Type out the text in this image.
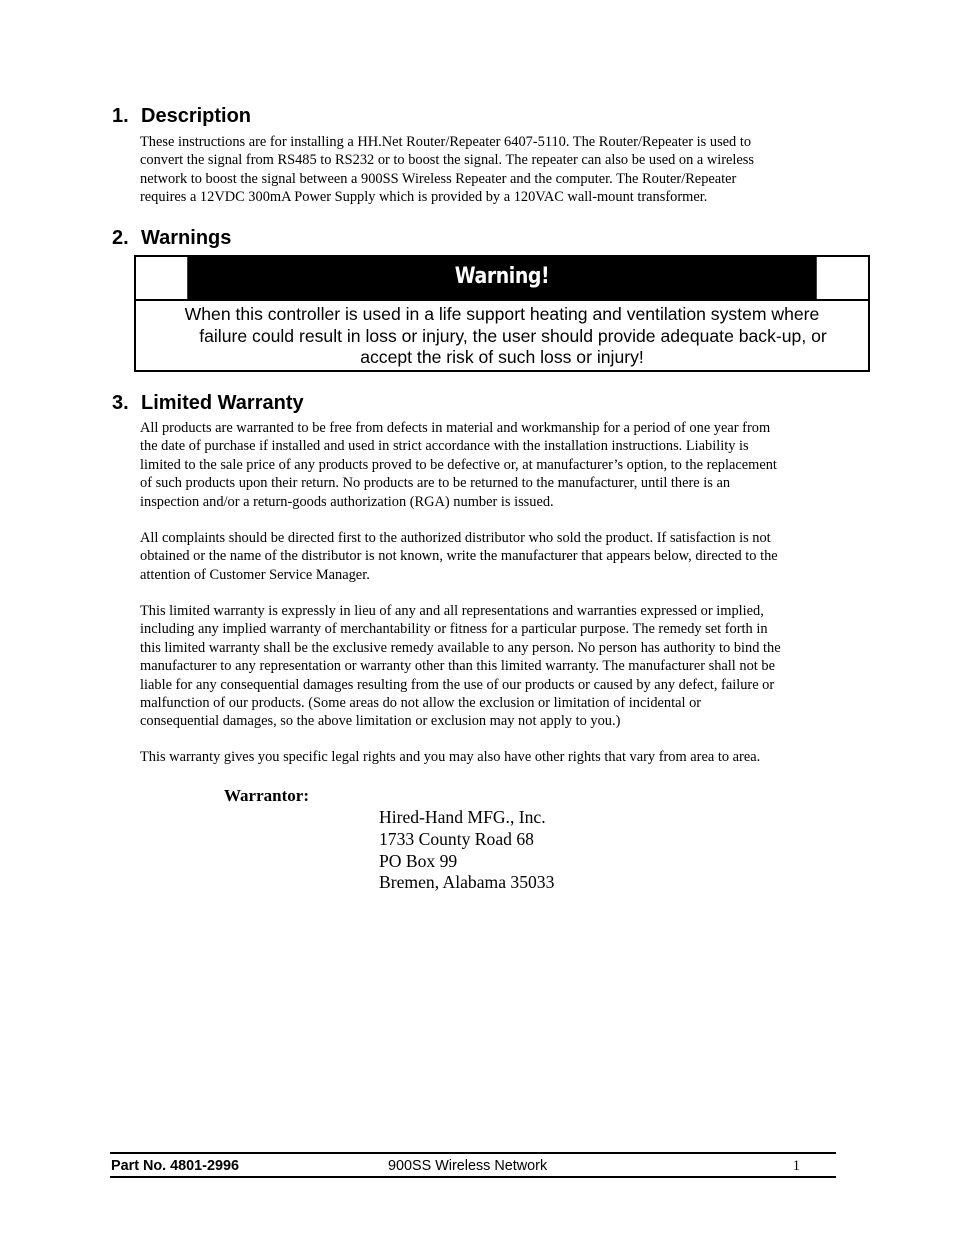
1. Description
These instructions are for installing a HH.Net Router/Repeater 6407-5110. The Router/Repeater is used to
convert the signal from RS485 to RS232 or to boost the signal. The repeater can also be used on a wireless
network to boost the signal between a 900SS Wireless Repeater and the computer. The Router/Repeater
requires a 12VDC 300mA Power Supply which is provided by a 120VAC wall-mount transformer.
2. Warnings
Warning!
When this controller is used in a life support heating and ventilation system where
failure could result in loss or injury, the user should provide adequate back-up, or
accept the risk of such loss or injury!
3. Limited Warranty
All products are warranted to be free from defects in material and workmanship for a period of one year from
the date of purchase if installed and used in strict accordance with the installation instructions. Liability is
limited to the sale price of any products proved to be defective or, at manufacturer’s option, to the replacement
of such products upon their return. No products are to be returned to the manufacturer, until there is an
inspection and/or a return-goods authorization (RGA) number is issued.
All complaints should be directed first to the authorized distributor who sold the product. If satisfaction is not
obtained or the name of the distributor is not known, write the manufacturer that appears below, directed to the
attention of Customer Service Manager.
This limited warranty is expressly in lieu of any and all representations and warranties expressed or implied,
including any implied warranty of merchantability or fitness for a particular purpose. The remedy set forth in
this limited warranty shall be the exclusive remedy available to any person. No person has authority to bind the
manufacturer to any representation or warranty other than this limited warranty. The manufacturer shall not be
liable for any consequential damages resulting from the use of our products or caused by any defect, failure or
malfunction of our products. (Some areas do not allow the exclusion or limitation of incidental or
consequential damages, so the above limitation or exclusion may not apply to you.)
This warranty gives you specific legal rights and you may also have other rights that vary from area to area.
Warrantor:
Hired-Hand MFG., Inc.
1733 County Road 68
PO Box 99
Bremen, Alabama 35033
Part No. 4801-2996	900SS Wireless Network	1
